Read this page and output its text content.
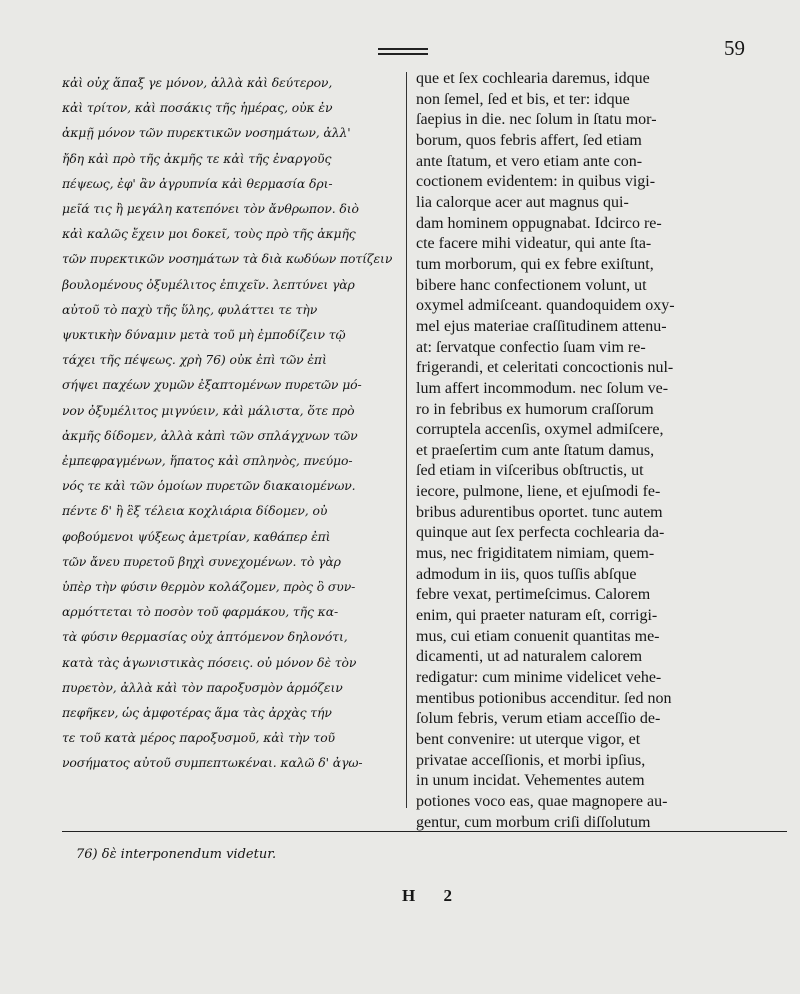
59
κἀὶ οὐχ ἅπαξ γε μόνον, ἀλλὰ κἀὶ δεύτερον,
κἀὶ τρίτον, κἀὶ ποσάκις τῆς ἡμέρας, οὐκ ἐν
ἀκμῇ μόνον τῶν πυρεκτικῶν νοσημάτων, ἀλλ'
ἤδη κἀὶ πρὸ τῆς ἀκμῆς τε κἀὶ τῆς ἐναργοῦς
πέψεως, ἐφ' ἂν ἀγρυπνία κἀὶ θερμασία δρι-
μεῖά τις ἢ μεγάλη κατεπόνει τὸν ἄνθρωπον. διὸ
κἀὶ καλῶς ἔχειν μοι δοκεῖ, τοὺς πρὸ τῆς ἀκμῆς
τῶν πυρεκτικῶν νοσημάτων τὰ διὰ κωδύων ποτίζειν
βουλομένους ὀξυμέλιτος ἐπιχεῖν. λεπτύνει γὰρ
αὐτοῦ τὸ παχὺ τῆς ὕλης, φυλάττει τε τὴν
ψυκτικὴν δύναμιν μετὰ τοῦ μὴ ἐμποδίζειν τῷ
τάχει τῆς πέψεως. χρὴ 76) οὐκ ἐπὶ τῶν ἐπὶ
σήψει παχέων χυμῶν ἐξαπτομένων πυρετῶν μό-
νον ὀξυμέλιτος μιγνύειν, κἀὶ μάλιστα, ὅτε πρὸ
ἀκμῆς δίδομεν, ἀλλὰ κἀπὶ τῶν σπλάγχνων τῶν
ἐμπεφραγμένων, ἥπατος κἀὶ σπληνὸς, πνεύμο-
νός τε κἀὶ τῶν ὁμοίων πυρετῶν διακαιομένων.
πέντε δ' ἢ ἓξ τέλεια κοχλιάρια δίδομεν, οὐ
φοβούμενοι ψύξεως ἀμετρίαν, καθάπερ ἐπὶ
τῶν ἄνευ πυρετοῦ βηχὶ συνεχομένων. τὸ γὰρ
ὑπὲρ τὴν φύσιν θερμὸν κολάζομεν, πρὸς ὃ συν-
αρμόττεται τὸ ποσὸν τοῦ φαρμάκου, τῆς κα-
τὰ φύσιν θερμασίας οὐχ ἁπτόμενον δηλονότι,
κατὰ τὰς ἀγωνιστικὰς πόσεις. οὐ μόνον δὲ τὸν
πυρετὸν, ἀλλὰ κἀὶ τὸν παροξυσμὸν ἁρμόζειν
πεφῆκεν, ὡς ἀμφοτέρας ἅμα τὰς ἀρχὰς τήν
τε τοῦ κατὰ μέρος παροξυσμοῦ, κἀὶ τὴν τοῦ
νοσήματος αὐτοῦ συμπεπτωκέναι. καλῶ δ' ἀγω-
que et ſex cochlearia daremus, idque
non ſemel, ſed et bis, et ter: idque
ſaepius in die. nec ſolum in ſtatu mor-
borum, quos febris affert, ſed etiam
ante ſtatum, et vero etiam ante con-
coctionem evidentem: in quibus vigi-
lia calorque acer aut magnus qui-
dam hominem oppugnabat. Idcirco re-
cte facere mihi videatur, qui ante ſta-
tum morborum, qui ex febre exiſtunt,
bibere hanc confectionem volunt, ut
oxymel admiſceant. quandoquidem oxy-
mel ejus materiae craſſitudinem attenu-
at: ſervatque confectio ſuam vim re-
frigerandi, et celeritati concoctionis nul-
lum affert incommodum. nec ſolum ve-
ro in febribus ex humorum craſſorum
corruptela accenſis, oxymel admiſcere,
et praeſertim cum ante ſtatum damus,
ſed etiam in viſceribus obſtructis, ut
iecore, pulmone, liene, et ejuſmodi fe-
bribus adurentibus oportet. tunc autem
quinque aut ſex perfecta cochlearia da-
mus, nec frigiditatem nimiam, quem-
admodum in iis, quos tuſſis abſque
febre vexat, pertimeſcimus. Calorem
enim, qui praeter naturam eſt, corrigi-
mus, cui etiam conuenit quantitas me-
dicamenti, ut ad naturalem calorem
redigatur: cum minime videlicet vehe-
mentibus potionibus accenditur. ſed non
ſolum febris, verum etiam acceſſio de-
bent convenire: ut uterque vigor, et
privatae acceſſionis, et morbi ipſius,
in unum incidat. Vehementes autem
potiones voco eas, quae magnopere au-
gentur, cum morbum criſi diſſolutum
76) δὲ interponendum videtur.
H 2
